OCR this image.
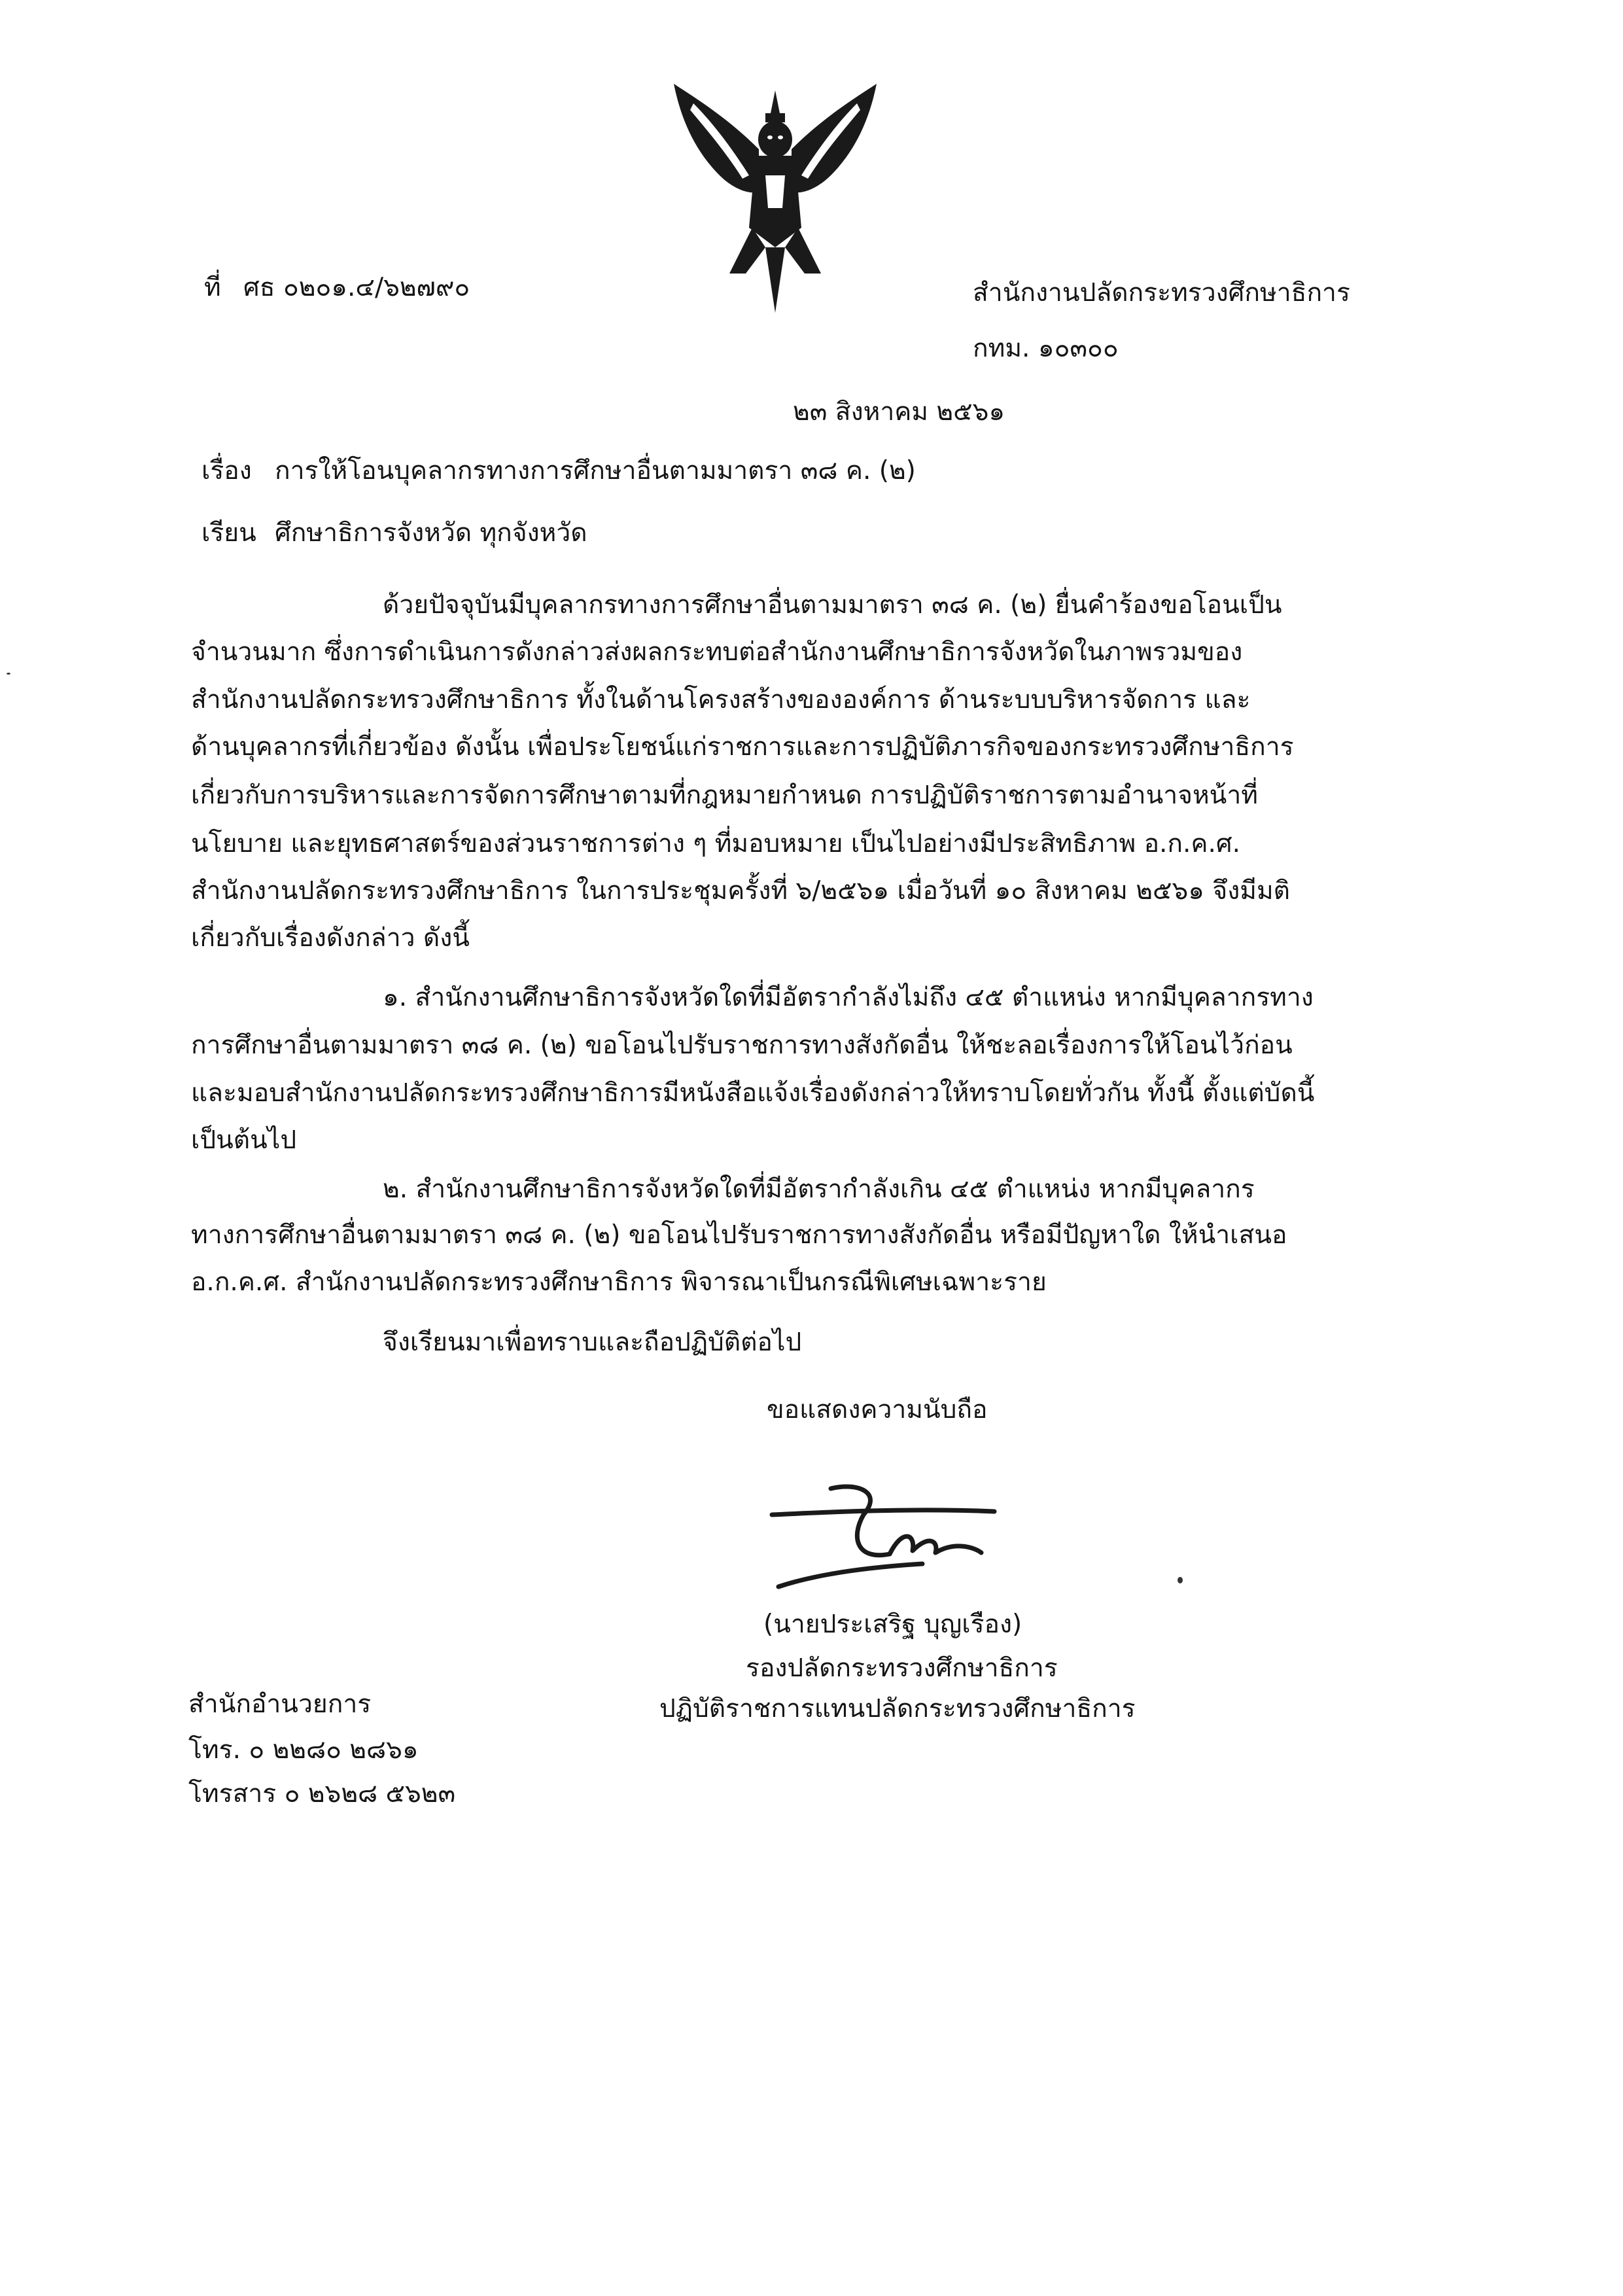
ที่ ศธ ๐๒๐๑.๔/๖๒๗๙๐	สำนักงานปลัดกระทรวงศึกษาธิการ
กทม. ๑๐๓๐๐
๒๓ สิงหาคม ๒๕๖๑
เรื่อง การให้โอนบุคลากรทางการศึกษาอื่นตามมาตรา ๓๘ ค. (๒)
เรียน ศึกษาธิการจังหวัด ทุกจังหวัด
ด้วยปัจจุบันมีบุคลากรทางการศึกษาอื่นตามมาตรา ๓๘ ค. (๒) ยื่นคำร้องขอโอนเป็น
จำนวนมาก ซึ่งการดำเนินการดังกล่าวส่งผลกระทบต่อสำนักงานศึกษาธิการจังหวัดในภาพรวมของ
สำนักงานปลัดกระทรวงศึกษาธิการ ทั้งในด้านโครงสร้างขององค์การ ด้านระบบบริหารจัดการ และ
ด้านบุคลากรที่เกี่ยวข้อง ดังนั้น เพื่อประโยชน์แก่ราชการและการปฏิบัติภารกิจของกระทรวงศึกษาธิการ
เกี่ยวกับการบริหารและการจัดการศึกษาตามที่กฎหมายกำหนด การปฏิบัติราชการตามอำนาจหน้าที่
นโยบาย และยุทธศาสตร์ของส่วนราชการต่าง ๆ ที่มอบหมาย เป็นไปอย่างมีประสิทธิภาพ อ.ก.ค.ศ.
สำนักงานปลัดกระทรวงศึกษาธิการ ในการประชุมครั้งที่ ๖/๒๕๖๑ เมื่อวันที่ ๑๐ สิงหาคม ๒๕๖๑ จึงมีมติ
เกี่ยวกับเรื่องดังกล่าว ดังนี้
๑. สำนักงานศึกษาธิการจังหวัดใดที่มีอัตรากำลังไม่ถึง ๔๕ ตำแหน่ง หากมีบุคลากรทาง
การศึกษาอื่นตามมาตรา ๓๘ ค. (๒) ขอโอนไปรับราชการทางสังกัดอื่น ให้ชะลอเรื่องการให้โอนไว้ก่อน
และมอบสำนักงานปลัดกระทรวงศึกษาธิการมีหนังสือแจ้งเรื่องดังกล่าวให้ทราบโดยทั่วกัน ทั้งนี้ ตั้งแต่บัดนี้
เป็นต้นไป
๒. สำนักงานศึกษาธิการจังหวัดใดที่มีอัตรากำลังเกิน ๔๕ ตำแหน่ง หากมีบุคลากร
ทางการศึกษาอื่นตามมาตรา ๓๘ ค. (๒) ขอโอนไปรับราชการทางสังกัดอื่น หรือมีปัญหาใด ให้นำเสนอ
อ.ก.ค.ศ. สำนักงานปลัดกระทรวงศึกษาธิการ พิจารณาเป็นกรณีพิเศษเฉพาะราย
จึงเรียนมาเพื่อทราบและถือปฏิบัติต่อไป
ขอแสดงความนับถือ
(นายประเสริฐ บุญเรือง)
รองปลัดกระทรวงศึกษาธิการ
ปฏิบัติราชการแทนปลัดกระทรวงศึกษาธิการ
สำนักอำนวยการ
โทร. ๐ ๒๒๘๐ ๒๘๖๑
โทรสาร ๐ ๒๖๒๘ ๕๖๒๓
